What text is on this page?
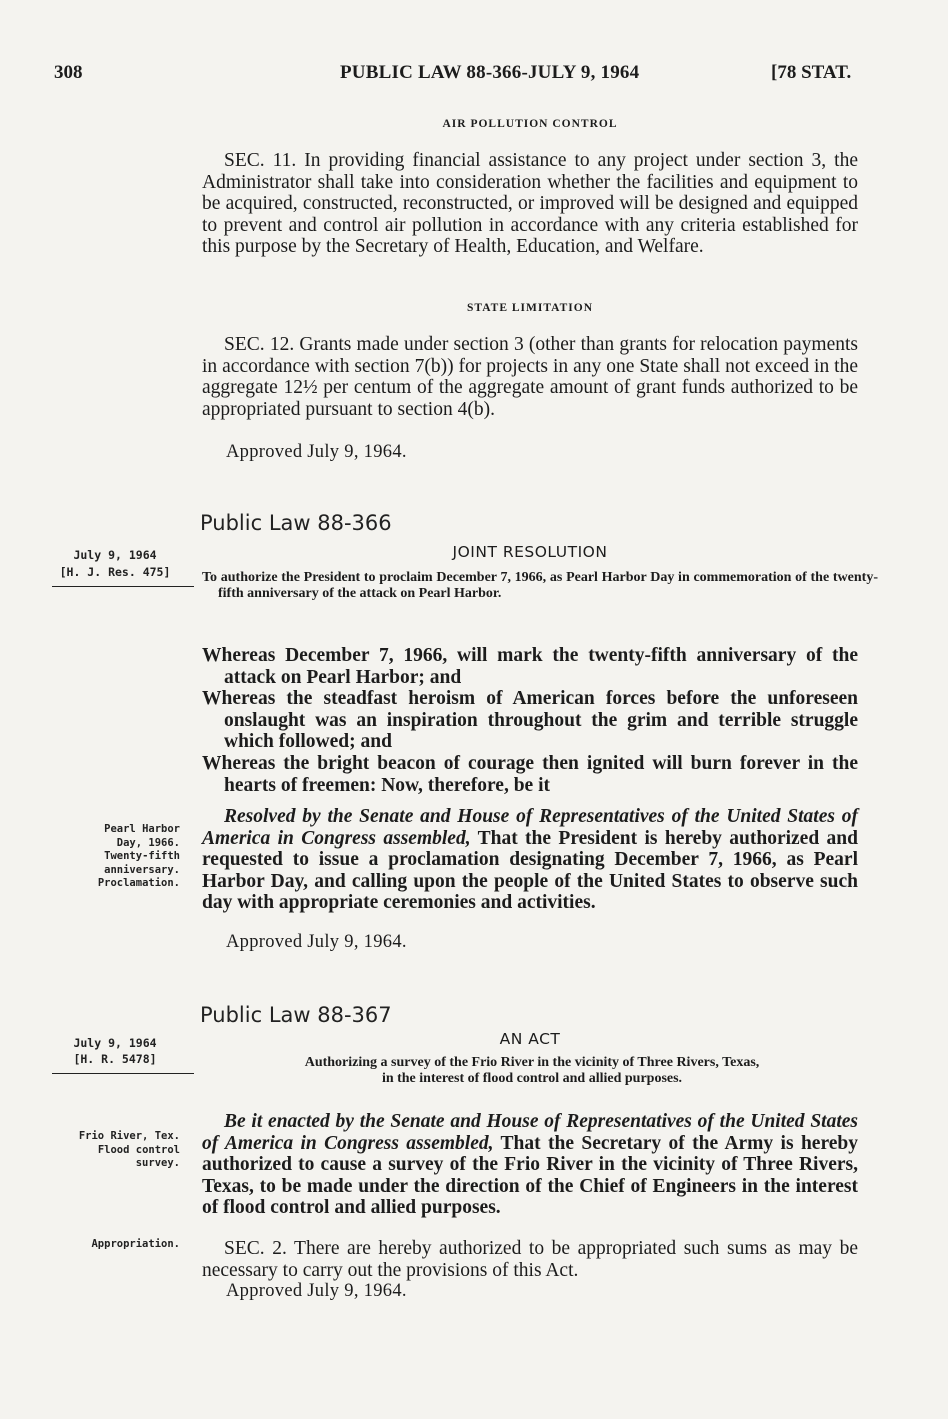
308	PUBLIC LAW 88-366-JULY 9, 1964	[78 STAT.
AIR POLLUTION CONTROL

SEC. 11. In providing financial assistance to any project under section 3, the Administrator shall take into consideration whether the facilities and equipment to be acquired, constructed, reconstructed, or improved will be designed and equipped to prevent and control air pollution in accordance with any criteria established for this purpose by the Secretary of Health, Education, and Welfare.

STATE LIMITATION

SEC. 12. Grants made under section 3 (other than grants for relocation payments in accordance with section 7(b)) for projects in any one State shall not exceed in the aggregate 12½ per centum of the aggregate amount of grant funds authorized to be appropriated pursuant to section 4(b).

Approved July 9, 1964.
Public Law 88-366
JOINT RESOLUTION
July 9, 1964
[H. J. Res. 475]	To authorize the President to proclaim December 7, 1966, as Pearl Harbor Day in commemoration of the twenty-fifth anniversary of the attack on Pearl Harbor.

Whereas December 7, 1966, will mark the twenty-fifth anniversary of the attack on Pearl Harbor; and

Whereas the steadfast heroism of American forces before the unforeseen onslaught was an inspiration throughout the grim and terrible struggle which followed; and

Whereas the bright beacon of courage then ignited will burn forever in the hearts of freemen: Now, therefore, be it

Pearl Harbor
Day, 1966.
Twenty-fifth
anniversary.
Proclamation.

Resolved by the Senate and House of Representatives of the United States of America in Congress assembled, That the President is hereby authorized and requested to issue a proclamation designating December 7, 1966, as Pearl Harbor Day, and calling upon the people of the United States to observe such day with appropriate ceremonies and activities.

Approved July 9, 1964.
Public Law 88-367
AN ACT
July 9, 1964
[H. R. 5478]	Authorizing a survey of the Frio River in the vicinity of Three Rivers, Texas,

in the interest of flood control and allied purposes.

Frio River, Tex.
Flood control
survey.

Be it enacted by the Senate and House of Representatives of the United States of America in Congress assembled, That the Secretary of the Army is hereby authorized to cause a survey of the Frio River in the vicinity of Three Rivers, Texas, to be made under the direction of the Chief of Engineers in the interest of flood control and allied purposes.

Appropriation.	SEC. 2. There are hereby authorized to be appropriated such sums as may be necessary to carry out the provisions of this Act.

Approved July 9, 1964.
